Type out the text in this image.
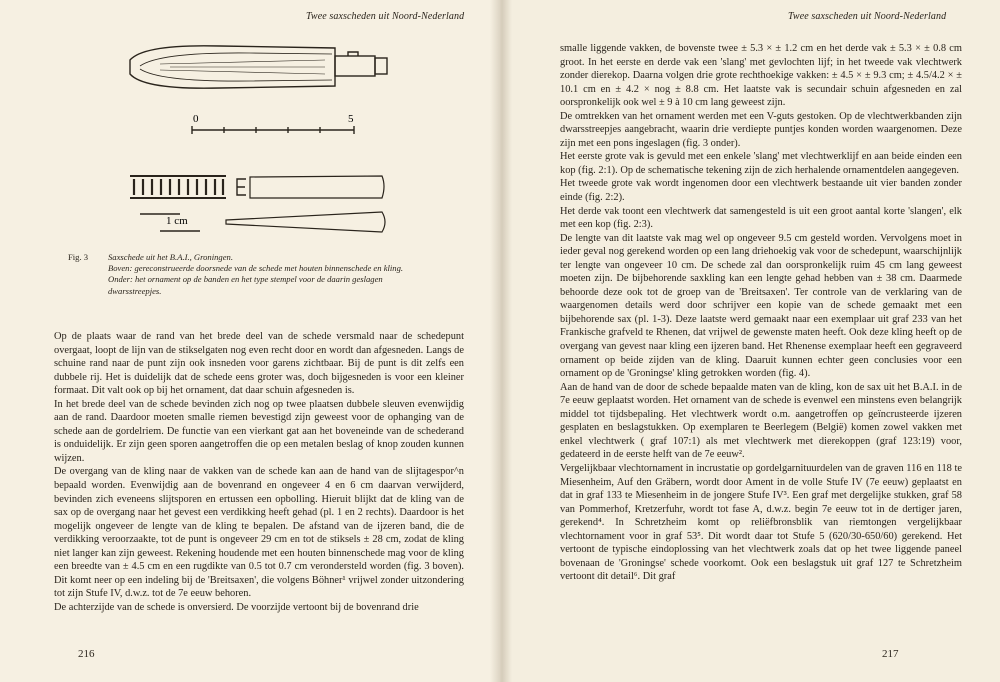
Twee saxscheden uit Noord-Nederland
0	5
1 cm
Fig. 3 Saxschede uit het B.A.I., Groningen.
Boven: gereconstrueerde doorsnede van de schede met houten binnenschede en kling.
Onder: het ornament op de banden en het type stempel voor de daarin geslagen
dwarsstreepjes.

Op de plaats waar de rand van het brede deel van de schede versmald naar de schedepunt overgaat, loopt de lijn van de stikselgaten nog even recht door en wordt dan afgesneden. Langs de schuine rand naar de punt zijn ook insneden voor garens zichtbaar. Bij de punt is dit zelfs een dubbele rij. Het is duidelijk dat de schede eens groter was, doch bijgesneden is voor een kleiner formaat. Dit valt ook op bij het ornament, dat daar schuin afgesneden is.

In het brede deel van de schede bevinden zich nog op twee plaatsen dubbele sleuven evenwijdig aan de rand. Daardoor moeten smalle riemen bevestigd zijn geweest voor de ophanging van de schede aan de gordelriem. De functie van een vierkant gat aan het boveneinde van de schederand is onduidelijk. Er zijn geen sporen aangetroffen die op een metalen beslag of knop zouden kunnen wijzen.

De overgang van de kling naar de vakken van de schede kan aan de hand van de slijtagespor^n bepaald worden. Evenwijdig aan de bovenrand en ongeveer 4 en 6 cm daarvan verwijderd, bevinden zich eveneens slijtsporen en ertussen een opbolling. Hieruit blijkt dat de kling van de sax op de overgang naar het gevest een verdikking heeft gehad (pl. 1 en 2 rechts). Daardoor is het mogelijk ongeveer de lengte van de kling te bepalen. De afstand van de ijzeren band, die de verdikking veroorzaakte, tot de punt is ongeveer 29 cm en tot de stiksels ± 28 cm, zodat de kling niet langer kan zijn geweest. Rekening houdende met een houten binnenschede mag voor de kling een breedte van ± 4.5 cm en een rugdikte van 0.5 tot 0.7 cm verondersteld worden (fig. 3 boven). Dit komt neer op een indeling bij de 'Breitsaxen', die volgens Böhner¹ vrijwel zonder uitzondering tot zijn Stufe IV, d.w.z. tot de 7e eeuw behoren.

De achterzijde van de schede is onversierd. De voorzijde vertoont bij de bovenrand drie

216
Twee saxscheden uit Noord-Nederland
217

smalle liggende vakken, de bovenste twee ± 5.3 × ± 1.2 cm en het derde vak ± 5.3 × ± 0.8 cm groot. In het eerste en derde vak een 'slang' met gevlochten lijf; in het tweede vak vlechtwerk zonder dierekop. Daarna volgen drie grote rechthoekige vakken: ± 4.5 × ± 9.3 cm; ± 4.5/4.2 × ± 10.1 cm en ± 4.2 × nog ± 8.8 cm. Het laatste vak is secundair schuin afgesneden en zal oorspronkelijk ook wel ± 9 à 10 cm lang geweest zijn.

De omtrekken van het ornament werden met een V-guts gestoken. Op de vlechtwerkbanden zijn dwarsstreepjes aangebracht, waarin drie verdiepte puntjes konden worden waargenomen. Deze zijn met een pons ingeslagen (fig. 3 onder).

Het eerste grote vak is gevuld met een enkele 'slang' met vlechtwerklijf en aan beide einden een kop (fig. 2:1). Op de schematische tekening zijn de zich herhalende ornamentdelen aangegeven.

Het tweede grote vak wordt ingenomen door een vlechtwerk bestaande uit vier banden zonder einde (fig. 2:2).

Het derde vak toont een vlechtwerk dat samengesteld is uit een groot aantal korte 'slangen', elk met een kop (fig. 2:3).

De lengte van dit laatste vak mag wel op ongeveer 9.5 cm gesteld worden. Vervolgens moet in ieder geval nog gerekend worden op een lang driehoekig vak voor de schedepunt, waarschijnlijk ter lengte van ongeveer 10 cm. De schede zal dan oorspronkelijk ruim 45 cm lang geweest moeten zijn. De bijbehorende saxkling kan een lengte gehad hebben van ± 38 cm. Daarmede behoorde deze ook tot de groep van de 'Breitsaxen'. Ter controle van de verklaring van de waargenomen details werd door schrijver een kopie van de schede gemaakt met een bijbehorende sax (pl. 1-3). Deze laatste werd gemaakt naar een exemplaar uit graf 233 van het Frankische grafveld te Rhenen, dat vrijwel de gewenste maten heeft. Ook deze kling heeft op de overgang van gevest naar kling een ijzeren band. Het Rhenense exemplaar heeft een gegraveerd ornament op beide zijden van de kling. Daaruit kunnen echter geen conclusies voor een ornament op de 'Groningse' kling getrokken worden (fig. 4).

Aan de hand van de door de schede bepaalde maten van de kling, kon de sax uit het B.A.I. in de 7e eeuw geplaatst worden. Het ornament van de schede is evenwel een minstens even belangrijk middel tot tijdsbepaling. Het vlechtwerk wordt o.m. aangetroffen op geïncrusteerde ijzeren gesplaten en beslagstukken. Op exemplaren te Beerlegem (België) komen zowel vakken met enkel vlechtwerk ( graf 107:1) als met vlechtwerk met dierekoppen (graf 123:19) voor, gedateerd in de eerste helft van de 7e eeuw².

Vergelijkbaar vlechtornament in incrustatie op gordelgarnituurdelen van de graven 116 en 118 te Miesenheim, Auf den Gräbern, wordt door Ament in de volle Stufe IV (7e eeuw) geplaatst en dat in graf 133 te Miesenheim in de jongere Stufe IV³. Een graf met dergelijke stukken, graf 58 van Pommerhof, Kretzerfuhr, wordt tot fase A, d.w.z. begin 7e eeuw tot in de dertiger jaren, gerekend⁴. In Schretzheim komt op reliëfbronsblik van riemtongen vergelijkbaar vlechtornament voor in graf 53⁵. Dit wordt daar tot Stufe 5 (620/30-650/60) gerekend. Het vertoont de typische eindoplossing van het vlechtwerk zoals dat op het twee liggende paneel bovenaan de 'Groningse' schede voorkomt. Ook een beslagstuk uit graf 127 te Schretzheim vertoont dit detail⁶. Dit graf
